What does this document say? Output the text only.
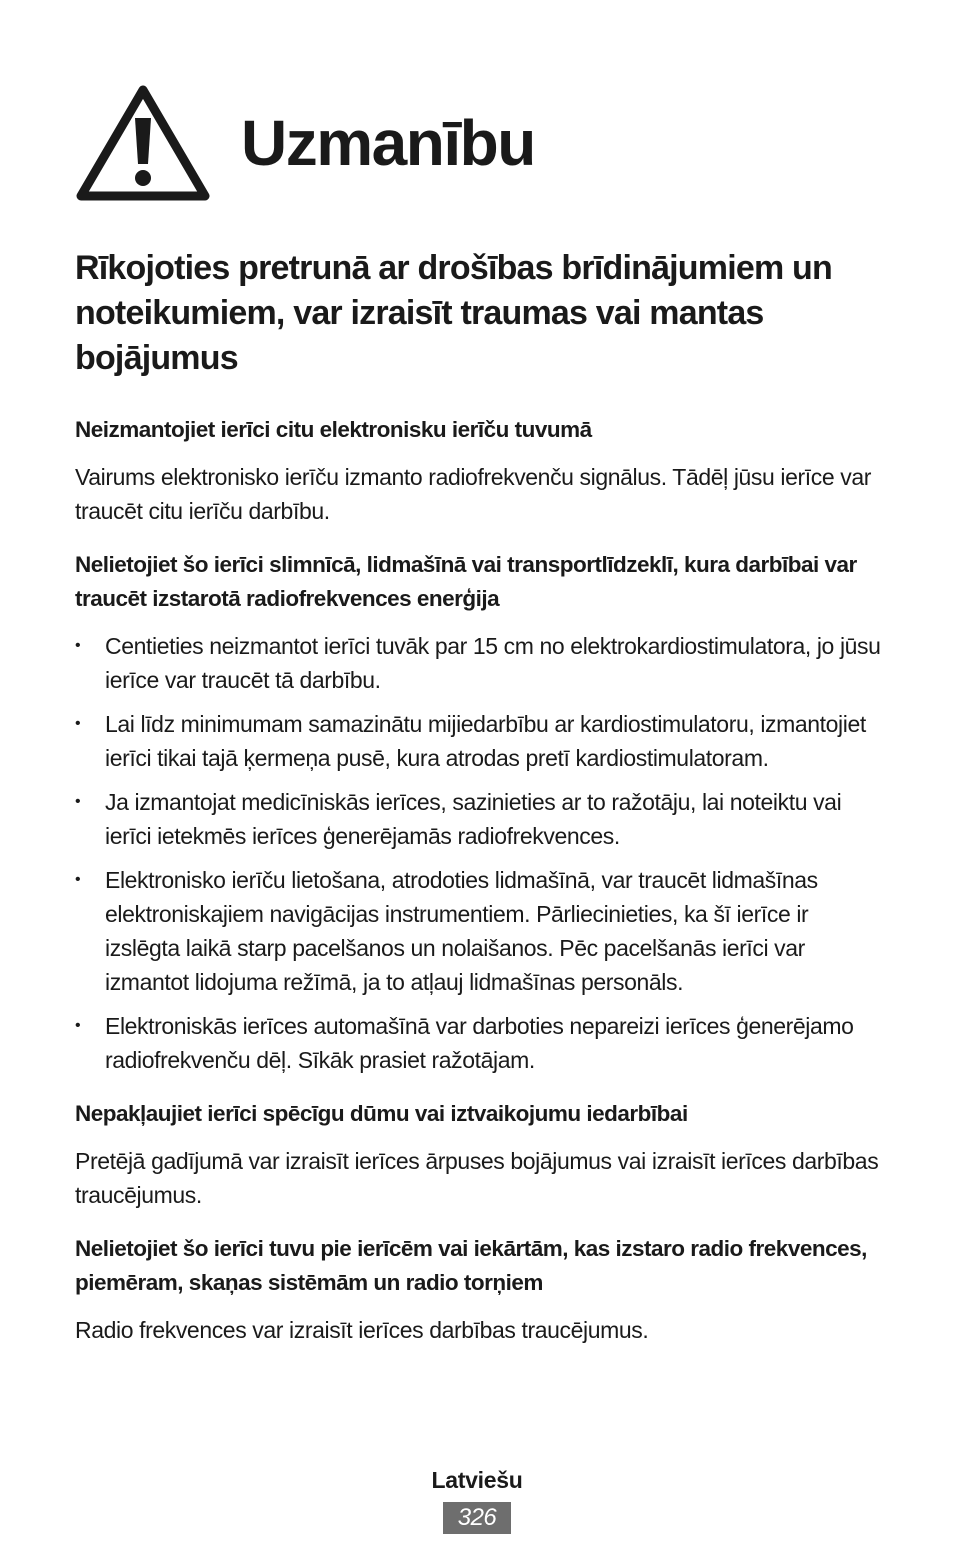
Uzmanību
Rīkojoties pretrunā ar drošības brīdinājumiem un noteikumiem, var izraisīt traumas vai mantas bojājumus
Neizmantojiet ierīci citu elektronisku ierīču tuvumā

Vairums elektronisko ierīču izmanto radiofrekvenču signālus. Tādēļ jūsu ierīce var traucēt citu ierīču darbību.

Nelietojiet šo ierīci slimnīcā, lidmašīnā vai transportlīdzeklī, kura darbībai var traucēt izstarotā radiofrekvences enerģija
•	Centieties neizmantot ierīci tuvāk par 15 cm no elektrokardiostimulatora, jo jūsu ierīce var traucēt tā darbību.
•	Lai līdz minimumam samazinātu mijiedarbību ar kardiostimulatoru, izmantojiet ierīci tikai tajā ķermeņa pusē, kura atrodas pretī kardiostimulatoram.
•	Ja izmantojat medicīniskās ierīces, sazinieties ar to ražotāju, lai noteiktu vai ierīci ietekmēs ierīces ģenerējamās radiofrekvences.
•	Elektronisko ierīču lietošana, atrodoties lidmašīnā, var traucēt lidmašīnas elektroniskajiem navigācijas instrumentiem. Pārliecinieties, ka šī ierīce ir izslēgta laikā starp pacelšanos un nolaišanos. Pēc pacelšanās ierīci var izmantot lidojuma režīmā, ja to atļauj lidmašīnas personāls.
•	Elektroniskās ierīces automašīnā var darboties nepareizi ierīces ģenerējamo radiofrekvenču dēļ. Sīkāk prasiet ražotājam.
Nepakļaujiet ierīci spēcīgu dūmu vai iztvaikojumu iedarbībai

Pretējā gadījumā var izraisīt ierīces ārpuses bojājumus vai izraisīt ierīces darbības traucējumus.

Nelietojiet šo ierīci tuvu pie ierīcēm vai iekārtām, kas izstaro radio frekvences, piemēram, skaņas sistēmām un radio torņiem

Radio frekvences var izraisīt ierīces darbības traucējumus.

Latviešu
326
